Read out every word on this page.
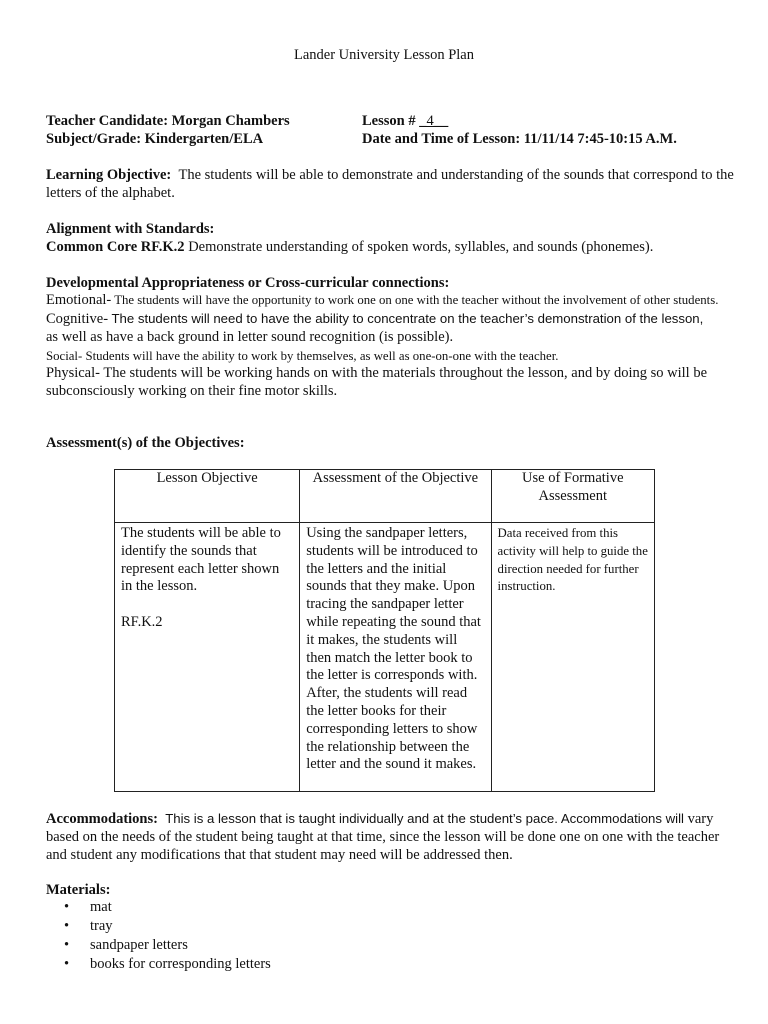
Lander University Lesson Plan
Teacher Candidate: Morgan Chambers	Lesson # _4__
Subject/Grade: Kindergarten/ELA	Date and Time of Lesson: 11/11/14 7:45-10:15 A.M.
Learning Objective: The students will be able to demonstrate and understanding of the sounds that correspond to the letters of the alphabet.
Alignment with Standards:
Common Core RF.K.2 Demonstrate understanding of spoken words, syllables, and sounds (phonemes).

Developmental Appropriateness or Cross-curricular connections:

Emotional- The students will have the opportunity to work one on one with the teacher without the involvement of other students.

Cognitive- The students will need to have the ability to concentrate on the teacher’s demonstration of the lesson,
as well as have a back ground in letter sound recognition (is possible).

Social- Students will have the ability to work by themselves, as well as one-on-one with the teacher.

Physical- The students will be working hands on with the materials throughout the lesson, and by doing so will be subconsciously working on their fine motor skills.

Assessment(s) of the Objectives:
Lesson Objective	Assessment of the Objective	Use of Formative Assessment

The students will be able to identify the sounds that represent each letter shown in the lesson.
RF.K.2	Using the sandpaper letters, students will be introduced to the letters and the initial sounds that they make. Upon tracing the sandpaper letter while repeating the sound that it makes, the students will then match the letter book to the letter is corresponds with. After, the students will read the letter books for their corresponding letters to show the relationship between the letter and the sound it makes.	Data received from this activity will help to guide the direction needed for further instruction.
Accommodations: This is a lesson that is taught individually and at the student’s pace. Accommodations will vary based on the needs of the student being taught at that time, since the lesson will be done one on one with the teacher and student any modifications that that student may need will be addressed then.
Materials:
• mat
• tray
• sandpaper letters
• books for corresponding letters
